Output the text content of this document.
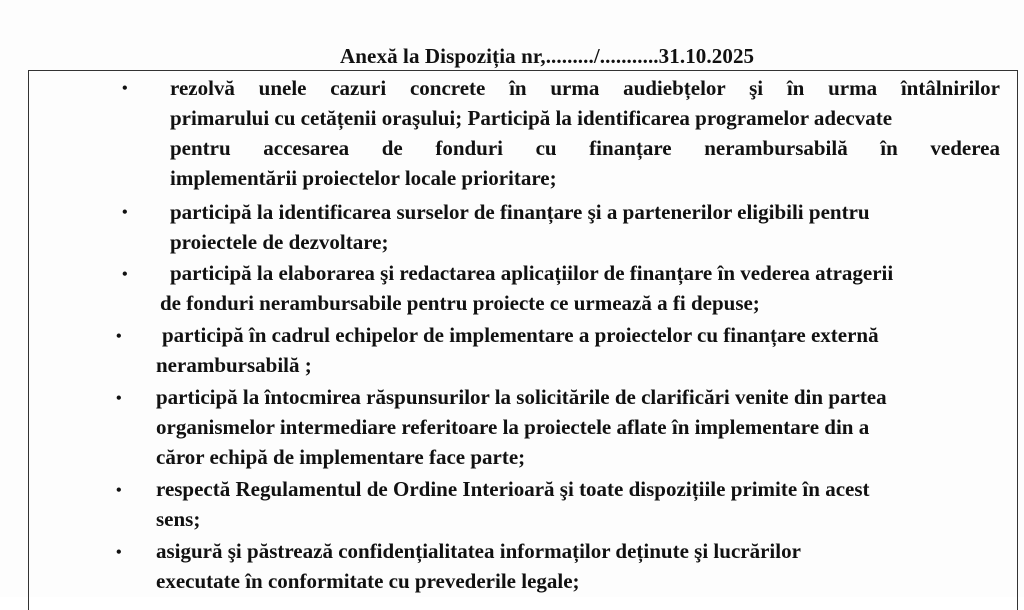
Anexă la Dispoziția nr,........./...........31.10.2025
• rezolvă unele cazuri concrete în urma audiebțelor şi în urma întâlnirilor
primarului cu cetățenii oraşului; Participă la identificarea programelor adecvate
pentru accesarea de fonduri cu finanțare nerambursabilă în vederea
implementării proiectelor locale prioritare;
• participă la identificarea surselor de finanțare şi a partenerilor eligibili pentru
proiectele de dezvoltare;
• participă la elaborarea şi redactarea aplicațiilor de finanțare în vederea atragerii
de fonduri nerambursabile pentru proiecte ce urmează a fi depuse;
• participă în cadrul echipelor de implementare a proiectelor cu finanțare externă
nerambursabilă ;
• participă la întocmirea răspunsurilor la solicitările de clarificări venite din partea
organismelor intermediare referitoare la proiectele aflate în implementare din a
căror echipă de implementare face parte;
• respectă Regulamentul de Ordine Interioară şi toate dispozițiile primite în acest
sens;
• asigură şi păstrează confidențialitatea informaților deținute şi lucrărilor
executate în conformitate cu prevederile legale;
